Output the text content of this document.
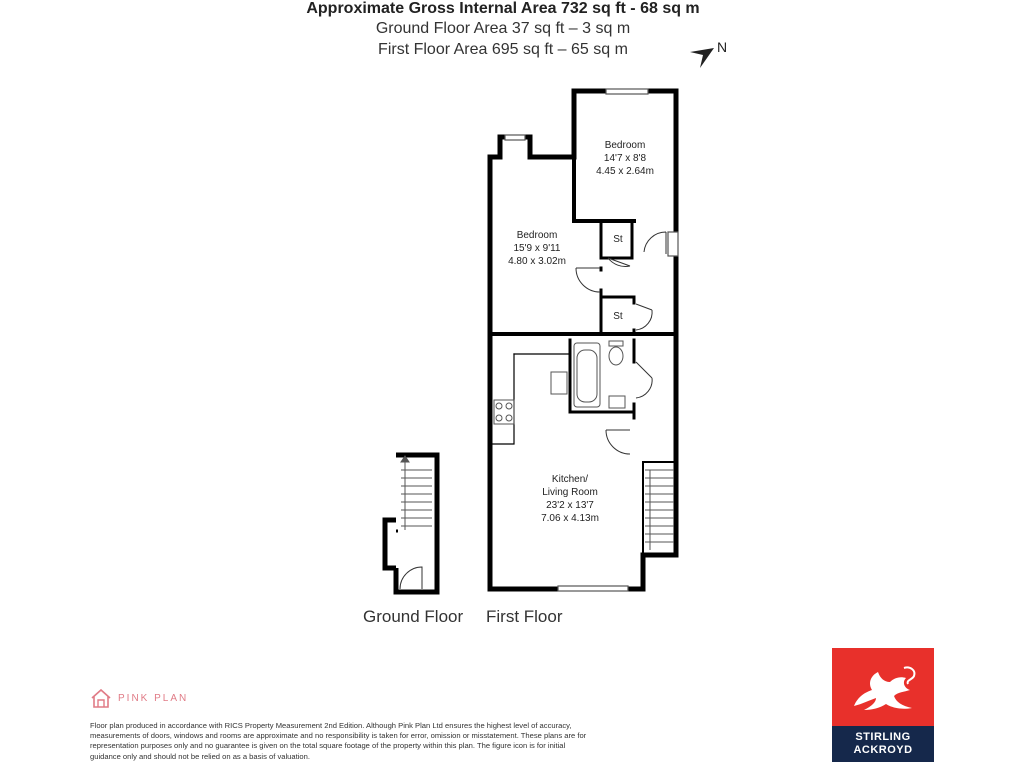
Approximate Gross Internal Area 732 sq ft - 68 sq m
Ground Floor Area 37 sq ft – 3 sq m
First Floor Area 695 sq ft – 65 sq m	N
Bedroom
14'7 x 8'8
4.45 x 2.64m
Bedroom
15'9 x 9'11
4.80 x 3.02m
St
St
Kitchen/
Living Room
23'2 x 13'7
7.06 x 4.13m
Ground Floor First Floor
PINK PLAN
Floor plan produced in accordance with RICS Property Measurement 2nd Edition. Although Pink Plan Ltd ensures the highest level of accuracy, measurements of doors, windows and rooms are approximate and no responsibility is taken for error, omission or misstatement. These plans are for representation purposes only and no guarantee is given on the total square footage of the property within this plan. The figure icon is for initial guidance only and should not be relied on as a basis of valuation.
STIRLING
ACKROYD
